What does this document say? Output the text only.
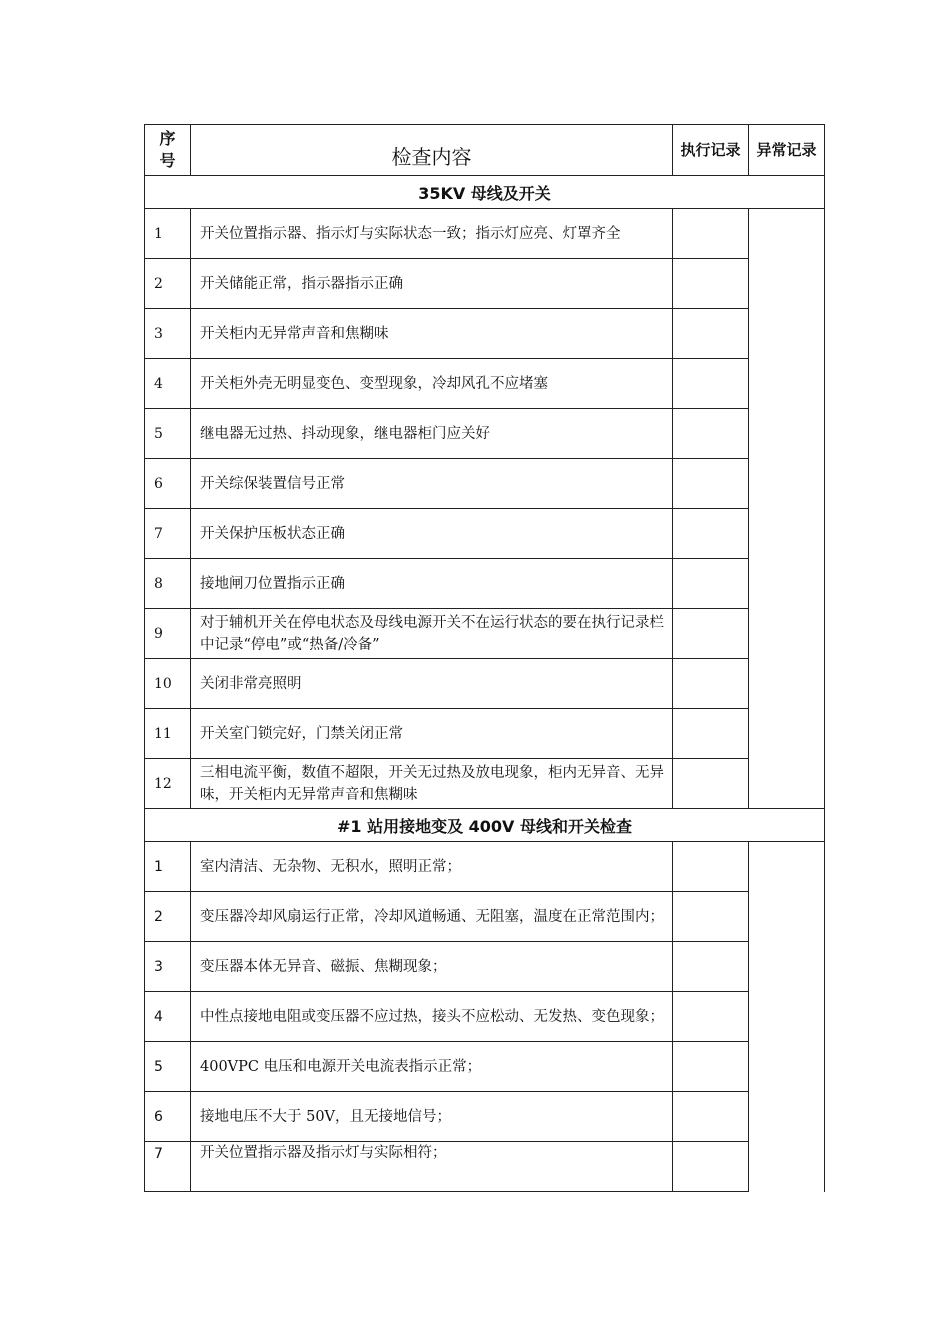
序号	检查内容	执行记录	异常记录
35KV 母线及开关			
1	开关位置指示器、指示灯与实际状态一致；指示灯应亮、灯罩齐全		
2	开关储能正常，指示器指示正确		
3	开关柜内无异常声音和焦糊味		
4	开关柜外壳无明显变色、变型现象，冷却风孔不应堵塞		
5	继电器无过热、抖动现象，继电器柜门应关好		
6	开关综保装置信号正常		
7	开关保护压板状态正确		
8	接地闸刀位置指示正确		
9	对于辅机开关在停电状态及母线电源开关不在运行状态的要在执行记录栏中记录“停电”或“热备/冷备”		
10	关闭非常亮照明		
11	开关室门锁完好，门禁关闭正常		
12	三相电流平衡，数值不超限，开关无过热及放电现象，柜内无异音、无异味，开关柜内无异常声音和焦糊味		
#1 站用接地变及 400V 母线和开关检查			
1	室内清洁、无杂物、无积水，照明正常；		
2	变压器冷却风扇运行正常，冷却风道畅通、无阻塞，温度在正常范围内；		
3	变压器本体无异音、磁振、焦糊现象；		
4	中性点接地电阻或变压器不应过热，接头不应松动、无发热、变色现象；		
5	400VPC 电压和电源开关电流表指示正常；		
6	接地电压不大于 50V，且无接地信号；		
7	开关位置指示器及指示灯与实际相符；		
